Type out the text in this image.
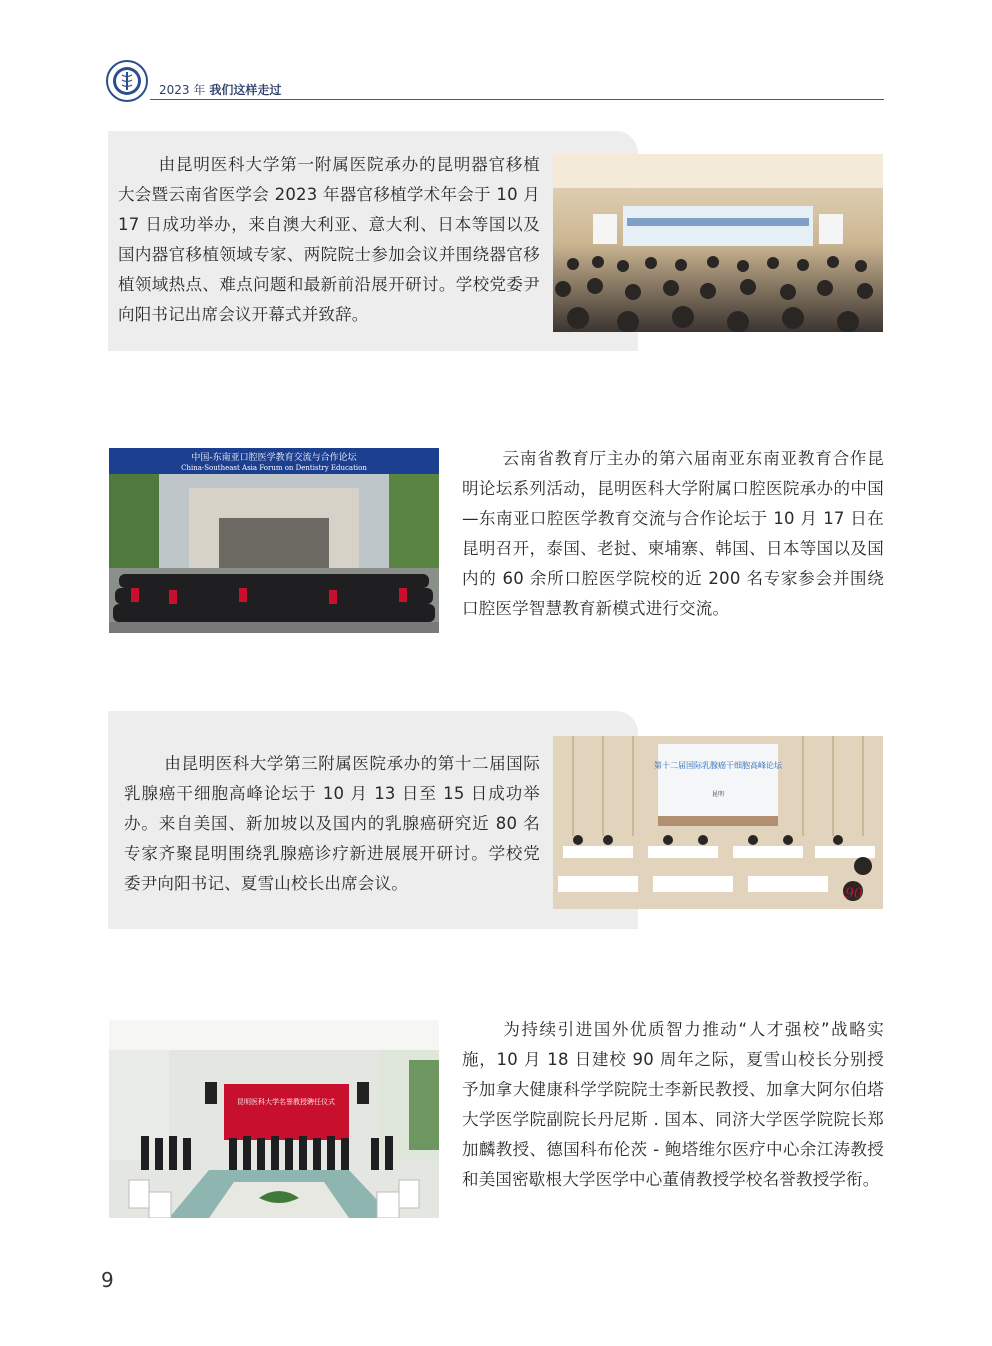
2023 年 我们这样走过
由昆明医科大学第一附属医院承办的昆明器官移植大会暨云南省医学会 2023 年器官移植学术年会于 10 月 17 日成功举办，来自澳大利亚、意大利、日本等国以及国内器官移植领域专家、两院院士参加会议并围绕器官移植领域热点、难点问题和最新前沿展开研讨。学校党委尹向阳书记出席会议开幕式并致辞。
中国-东南亚口腔医学教育交流与合作论坛
China-Southeast Asia Forum on Dentistry Education	云南省教育厅主办的第六届南亚东南亚教育合作昆明论坛系列活动，昆明医科大学附属口腔医院承办的中国—东南亚口腔医学教育交流与合作论坛于 10 月 17 日在昆明召开，泰国、老挝、柬埔寨、韩国、日本等国以及国内的 60 余所口腔医学院校的近 200 名专家参会并围绕口腔医学智慧教育新模式进行交流。
由昆明医科大学第三附属医院承办的第十二届国际乳腺癌干细胞高峰论坛于 10 月 13 日至 15 日成功举办。来自美国、新加坡以及国内的乳腺癌研究近 80 名专家齐聚昆明围绕乳腺癌诊疗新进展展开研讨。学校党委尹向阳书记、夏雪山校长出席会议。
第十二届国际乳腺癌干细胞高峰论坛
昆明
90
昆明医科大学名誉教授聘任仪式
为持续引进国外优质智力推动“人才强校”战略实施，10 月 18 日建校 90 周年之际，夏雪山校长分别授予加拿大健康科学学院院士李新民教授、加拿大阿尔伯塔大学医学院副院长丹尼斯 . 国本、同济大学医学院院长郑加麟教授、德国科布伦茨 - 鲍塔维尔医疗中心余江涛教授和美国密歇根大学医学中心董倩教授学校名誉教授学衔。
9
